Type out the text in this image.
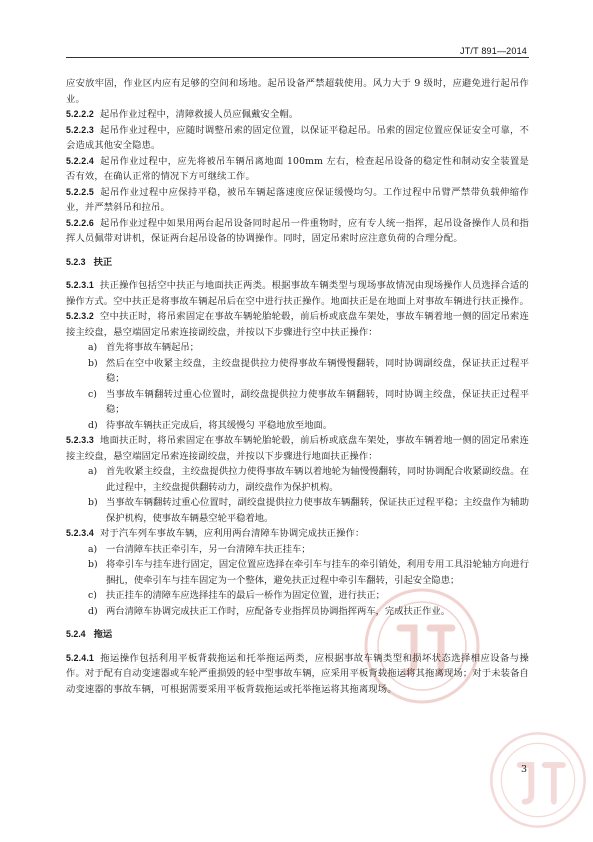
JT/T 891—2014
应安放牢固，作业区内应有足够的空间和场地。起吊设备严禁超载使用。风力大于 9 级时，应避免进行起吊作业。
5.2.2.2 起吊作业过程中，清障救援人员应佩戴安全帽。
5.2.2.3 起吊作业过程中，应随时调整吊索的固定位置，以保证平稳起吊。吊索的固定位置应保证安全可靠，不会造成其他安全隐患。
5.2.2.4 起吊作业过程中，应先将被吊车辆吊离地面 100mm 左右，检查起吊设备的稳定性和制动安全装置是否有效，在确认正常的情况下方可继续工作。
5.2.2.5 起吊作业过程中应保持平稳，被吊车辆起落速度应保证缓慢均匀。工作过程中吊臂严禁带负载伸缩作业，并严禁斜吊和拉吊。
5.2.2.6 起吊作业过程中如果用两台起吊设备同时起吊一件重物时，应有专人统一指挥，起吊设备操作人员和指挥人员佩带对讲机，保证两台起吊设备的协调操作。同时，固定吊索时应注意负荷的合理分配。
5.2.3 扶正
5.2.3.1 扶正操作包括空中扶正与地面扶正两类。根据事故车辆类型与现场事故情况由现场操作人员选择合适的操作方式。空中扶正是将事故车辆起吊后在空中进行扶正操作。地面扶正是在地面上对事故车辆进行扶正操作。
5.2.3.2 空中扶正时，将吊索固定在事故车辆轮胎轮毂，前后桥或底盘车架处，事故车辆着地一侧的固定吊索连接主绞盘，悬空端固定吊索连接副绞盘，并按以下步骤进行空中扶正操作：
a) 首先将事故车辆起吊；
b) 然后在空中收紧主绞盘，主绞盘提供拉力使得事故车辆慢慢翻转，同时协调副绞盘，保证扶正过程平稳；
c) 当事故车辆翻转过重心位置时，副绞盘提供拉力使事故车辆翻转，同时协调主绞盘，保证扶正过程平稳；
d) 待事故车辆扶正完成后，将其缓慢匀 平稳地放至地面。
5.2.3.3 地面扶正时，将吊索固定在事故车辆轮胎轮毂，前后桥或底盘车架处，事故车辆着地一侧的固定吊索连接主绞盘，悬空端固定吊索连接副绞盘，并按以下步骤进行地面扶正操作：
a) 首先收紧主绞盘，主绞盘提供拉力使得事故车辆以着地轮为轴慢慢翻转，同时协调配合收紧副绞盘。在此过程中，主绞盘提供翻转动力，副绞盘作为保护机构。
b) 当事故车辆翻转过重心位置时，副绞盘提供拉力使事故车辆翻转，保证扶正过程平稳；主绞盘作为辅助保护机构，使事故车辆悬空轮平稳着地。
5.2.3.4 对于汽车列车事故车辆，应利用两台清障车协调完成扶正操作：
a) 一台清障车扶正牵引车，另一台清障车扶正挂车；
b) 将牵引车与挂车进行固定，固定位置应选择在牵引车与挂车的牵引销处，利用专用工具沿轮轴方向进行捆扎，使牵引车与挂车固定为一个整体，避免扶正过程中牵引车翻转，引起安全隐患；
c) 扶正挂车的清障车应选择挂车的最后一桥作为固定位置，进行扶正；
d) 两台清障车协调完成扶正工作时，应配备专业指挥员协调指挥两车，完成扶正作业。
5.2.4 拖运
5.2.4.1 拖运操作包括利用平板背载拖运和托举拖运两类，应根据事故车辆类型和损坏状态选择相应设备与操作。对于配有自动变速器或车轮严重损毁的轻中型事故车辆，应采用平板背载拖运将其拖离现场；对于未装备自动变速器的事故车辆，可根据需要采用平板背载拖运或托举拖运将其拖离现场。
3
